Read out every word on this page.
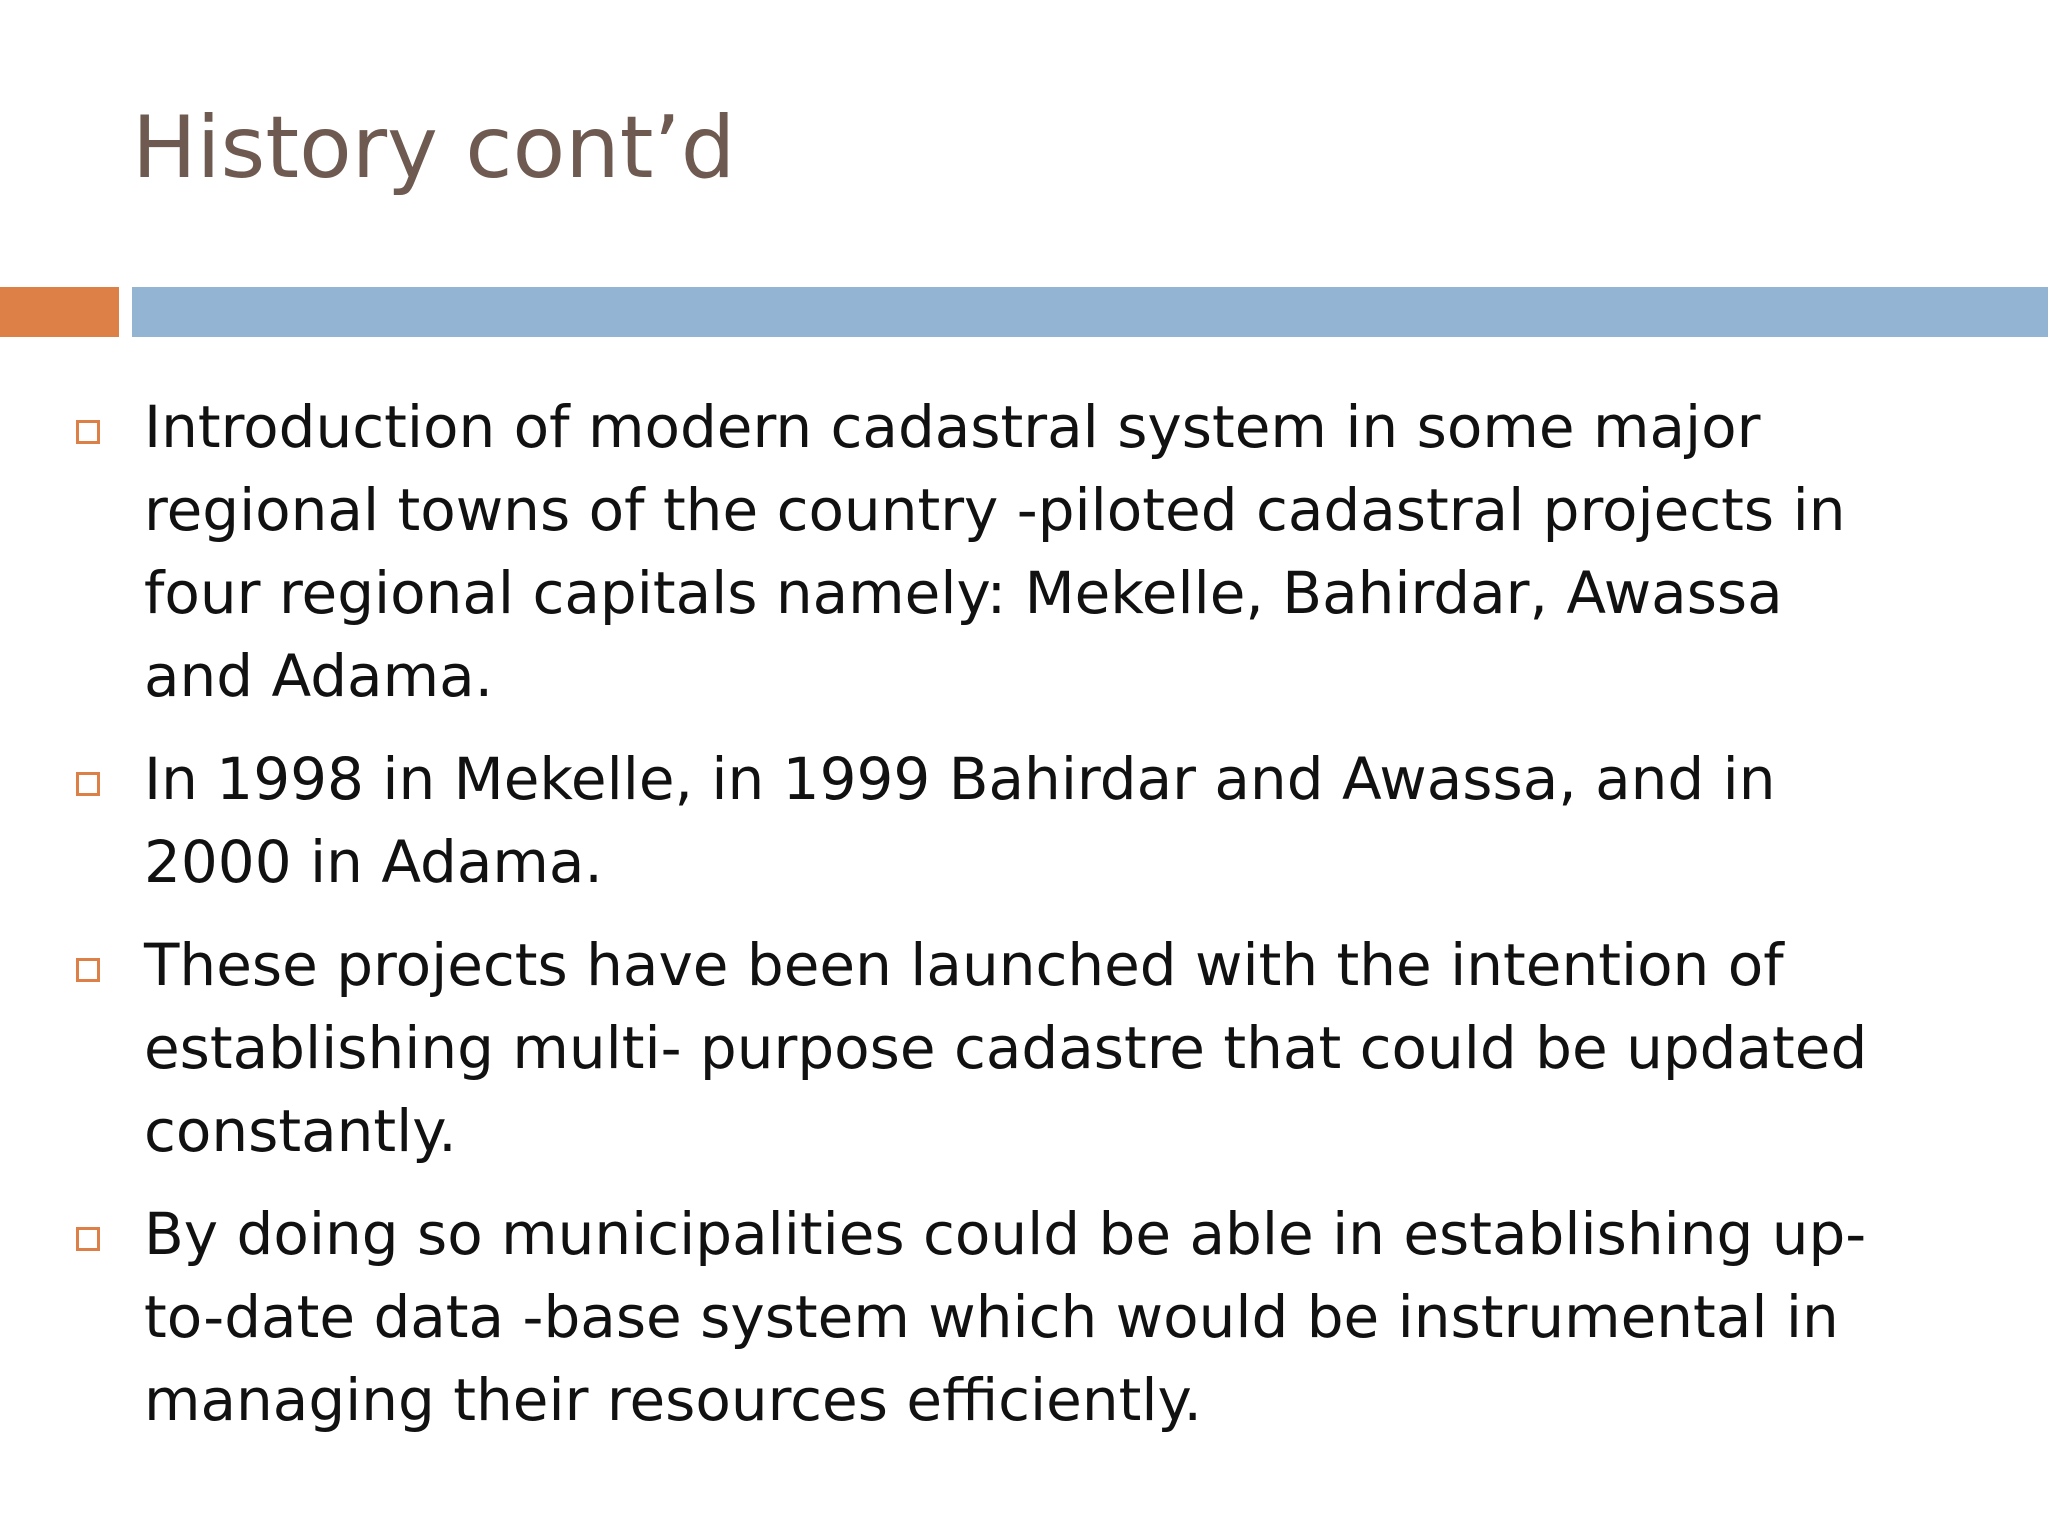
History cont’d
Introduction of modern cadastral system in some major
regional towns of the country -piloted cadastral projects in
four regional capitals namely: Mekelle, Bahirdar, Awassa
and Adama.
In 1998 in Mekelle, in 1999 Bahirdar and Awassa, and in
2000 in Adama.
These projects have been launched with the intention of
establishing multi- purpose cadastre that could be updated
constantly.
By doing so municipalities could be able in establishing up-
to-date data -base system which would be instrumental in
managing their resources efficiently.
